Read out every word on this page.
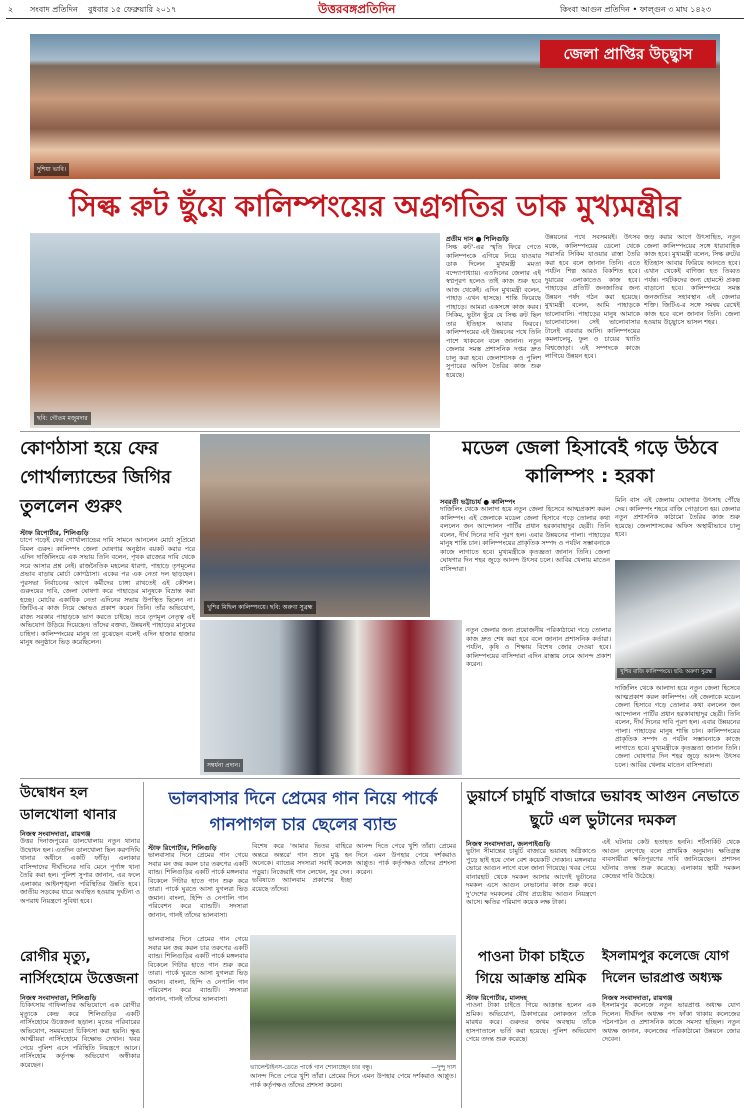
২ সংবাদ প্রতিদিন বুধবার ১৫ ফেব্রুয়ারি ২০১৭	উত্তরবঙ্গপ্রতিদিন	কিংবা আগুন প্রতিদিন • ফাল্গুন ৩ মাঘ ১৪২৩
জেলা প্রাপ্তির উচ্ছ্বাস
দুশিয়া ভাবি।
সিল্ক রুট ছুঁয়ে কালিম্পংয়ের অগ্রগতির ডাক মুখ্যমন্ত্রীর
ছবি: গৌতম মজুমদার
প্রতীম দাস ● শিলিগুড়ি
সিল্ক রুট'-এর স্মৃতি ফিরে পেতে কালিম্পংকে এগিয়ে নিয়ে যাওয়ার ডাক দিলেন মুখ্যমন্ত্রী মমতা বন্দ্যোপাধ্যায়। এতদিনের জেলার এই স্বপ্নপূরণ হলেও তাই কাজ শুরু হবে আজ থেকেই। এদিন মুখ্যমন্ত্রী বলেন, পাহাড় এখন হাসছে। শান্তি ফিরেছে পাহাড়ে। আমরা একসঙ্গে কাজ করব। সিকিম, ভুটান ছুঁয়ে যে সিল্ক রুট ছিল তার ইতিহাস আবার ফিরবে। কালিম্পংয়ের এই উন্নয়নের পথে তিনি পাশে থাকবেন বলে জানান। নতুন জেলার সমস্ত প্রশাসনিক দপ্তর দ্রুত চালু করা হবে। জেলাশাসক ও পুলিশ সুপারের অফিস তৈরির কাজ শুরু হয়েছে।
উন্নয়নের পথে সবসময়ই। উৎসব মঞ্চে, কালিম্পংয়ের ডেলো থেকে সরাসরি সিকিম যাওয়ার রাস্তা তৈরি করা হবে বলে জানান তিনি। এতে পর্যটন শিল্প আরও বিকশিত হবে। দুয়ারের এলাকাতেও কাজ হবে। পাহাড়ের প্রতিটি জনজাতির জন্য উন্নয়ন পর্ষদ গঠন করা হয়েছে। মুখ্যমন্ত্রী বলেন, আমি পাহাড়কে ভালোবাসি। পাহাড়ের মানুষ আমাকে ভালোবাসেন। সেই ভালোবাসার টানেই বারবার আসি। কালিম্পংয়ের কমলালেবু, ফুল ও চায়ের খ্যাতি বিশ্বজোড়া। এই সম্পদকে কাজে লাগিয়ে উন্নয়ন হবে।
জড় করার আগে উৎসাহিত, নতুন জেলা কালিম্পংয়ের সঙ্গে ধারাবাহিক কাজ হবে। মুখ্যমন্ত্রী বলেন, সিল্ক রুটের ইতিহাস আবার ফিরিয়ে আনতে হবে। এখান থেকেই বাণিজ্য হত তিব্বত পর্যন্ত। পর্যটকদের জন্য হোমস্টে প্রকল্প বাড়ানো হবে। কালিম্পংয়ে সমস্ত জনজাতির সহাবস্থান এই জেলার শক্তি। জিটিএ-র সঙ্গে সমন্বয় রেখেই কাজ হবে বলে জানান তিনি। জেলা হওয়ায় উচ্ছ্বাসে ভাসল শহর।
কোণঠাসা হয়ে ফের গোর্খাল্যান্ডের জিগির তুললেন গুরুং
স্টাফ রিপোর্টার, শিলিগুড়ি
চাপে পড়েই ফের গোর্খাল্যান্ডের দাবি সামনে আনলেন মোর্চা সুপ্রিমো বিমল গুরুং। কালিম্পং জেলা ঘোষণার অনুষ্ঠান বয়কট করার পরে এদিন দার্জিলিংয়ে এক সভায় তিনি বলেন, পৃথক রাজ্যের দাবি থেকে সরে আসার প্রশ্ন নেই। রাজনৈতিক মহলের ধারণা, পাহাড়ে তৃণমূলের প্রভাব বাড়ায় মোর্চা কোণঠাসা। একের পর এক নেতা দল ছাড়ছেন। পুরসভা নির্বাচনের আগে কর্মীদের চাঙ্গা রাখতেই এই কৌশল। গুরুংয়ের দাবি, জেলা ঘোষণা করে পাহাড়ের মানুষকে বিভ্রান্ত করা হচ্ছে। মোর্চার একাধিক নেতা এদিনের সভায় উপস্থিত ছিলেন না। জিটিএ-র কাজ নিয়ে ক্ষোভও প্রকাশ করেন তিনি। তাঁর অভিযোগ, রাজ্য সরকার পাহাড়কে ভাগ করতে চাইছে। তবে তৃণমূল নেতৃত্ব এই অভিযোগ উড়িয়ে দিয়েছেন। তাঁদের বক্তব্য, উন্নয়নই পাহাড়ের মানুষের চাহিদা। কালিম্পংয়ের মানুষ তা বুঝেছেন বলেই এদিন হাজার হাজার মানুষ অনুষ্ঠানে ভিড় করেছিলেন।
খুশির মিছিল কালিম্পংয়ে। ছবি: অরুণা সুব্রহ্ম
সম্বর্ধনা প্রদান।
মডেল জেলা হিসাবেই গড়ে উঠবে কালিম্পং : হরকা
সবরতী ভট্টাচার্য ● কালিম্পং
দার্জিলিং থেকে আলাদা হয়ে নতুন জেলা হিসেবে আত্মপ্রকাশ করল কালিম্পং। এই জেলাকে মডেল জেলা হিসাবে গড়ে তোলার কথা বললেন জন আন্দোলন পার্টির প্রধান হরকাবাহাদুর ছেত্রী। তিনি বলেন, দীর্ঘ দিনের দাবি পূরণ হল। এবার উন্নয়নের পালা। পাহাড়ের মানুষ শান্তি চান। কালিম্পংয়ের প্রাকৃতিক সম্পদ ও পর্যটন সম্ভাবনাকে কাজে লাগাতে হবে। মুখ্যমন্ত্রীকে কৃতজ্ঞতা জানান তিনি। জেলা ঘোষণার দিন শহর জুড়ে আনন্দ উৎসব চলে। আবির খেলায় মাতেন বাসিন্দারা।
মিনি বাস এই জেলায় ঘোষণার উৎসাহ পৌঁছে দেয়। কালিম্পং শহরে বাজি পোড়ানো হয়। জেলার নতুন প্রশাসনিক কাঠামো তৈরির কাজ শুরু হয়েছে। জেলাশাসকের অফিস অস্থায়ীভাবে চালু হবে।
খুশির বাজি কালিম্পংয়ে। ছবি: অরুণা সুব্রহ্ম
নতুন জেলার জন্য প্রয়োজনীয় পরিকাঠামো গড়ে তোলার কাজ দ্রুত শেষ করা হবে বলে জানান প্রশাসনিক কর্তারা। পর্যটন, কৃষি ও শিক্ষায় বিশেষ জোর দেওয়া হবে। কালিম্পংয়ের বাসিন্দারা এদিন রাস্তায় নেমে আনন্দ প্রকাশ করেন।
দার্জিলিং থেকে আলাদা হয়ে নতুন জেলা হিসেবে আত্মপ্রকাশ করল কালিম্পং। এই জেলাকে মডেল জেলা হিসাবে গড়ে তোলার কথা বললেন জন আন্দোলন পার্টির প্রধান হরকাবাহাদুর ছেত্রী। তিনি বলেন, দীর্ঘ দিনের দাবি পূরণ হল। এবার উন্নয়নের পালা। পাহাড়ের মানুষ শান্তি চান। কালিম্পংয়ের প্রাকৃতিক সম্পদ ও পর্যটন সম্ভাবনাকে কাজে লাগাতে হবে। মুখ্যমন্ত্রীকে কৃতজ্ঞতা জানান তিনি। জেলা ঘোষণার দিন শহর জুড়ে আনন্দ উৎসব চলে। আবির খেলায় মাতেন বাসিন্দারা।
উদ্বোধন হল ডালখোলা থানার
নিজস্ব সংবাদদাতা, রায়গঞ্জ
উত্তর দিনাজপুরের ডালখোলায় নতুন থানার উদ্বোধন হল। এতদিন ডালখোলা ছিল করণদিঘি থানার অধীনে একটি ফাঁড়ি। এলাকার বাসিন্দাদের দীর্ঘদিনের দাবি মেনে পূর্ণাঙ্গ থানা তৈরি করা হল। পুলিশ সুপার জানান, এর ফলে এলাকার আইনশৃঙ্খলা পরিস্থিতির উন্নতি হবে। জাতীয় সড়কের ধারে অবস্থিত হওয়ায় দুর্ঘটনা ও অপরাধ নিয়ন্ত্রণে সুবিধা হবে।
রোগীর মৃত্যু, নার্সিংহোমে উত্তেজনা
নিজস্ব সংবাদদাতা, শিলিগুড়ি
চিকিৎসায় গাফিলতির অভিযোগে এক রোগীর মৃত্যুকে কেন্দ্র করে শিলিগুড়ির একটি নার্সিংহোমে উত্তেজনা ছড়াল। মৃতের পরিবারের অভিযোগ, সময়মতো চিকিৎসা করা হয়নি। ক্ষুব্ধ আত্মীয়রা নার্সিংহোমে বিক্ষোভ দেখান। খবর পেয়ে পুলিশ এসে পরিস্থিতি নিয়ন্ত্রণে আনে। নার্সিংহোম কর্তৃপক্ষ অভিযোগ অস্বীকার করেছেন।
ভালবাসার দিনে প্রেমের গান নিয়ে পার্কে গানপাগল চার ছেলের ব্যান্ড
স্টাফ রিপোর্টার, শিলিগুড়ি
ভালবাসার দিনে প্রেমের গান গেয়ে সবার মন জয় করল চার তরুণের একটি ব্যান্ড। শিলিগুড়ির একটি পার্কে মঙ্গলবার বিকেলে গিটার হাতে গান শুরু করে তারা। পার্কে ঘুরতে আসা যুগলরা ভিড় জমান। বাংলা, হিন্দি ও নেপালি গান পরিবেশন করে ব্যান্ডটি। সদস্যরা জানান, গানই তাঁদের ভালবাসা।
বিশেষ করে 'আমার ভিতর বাহিরে অন্তরে অন্তরে' গান শুনে মুগ্ধ হন অনেকে। ব্যান্ডের সদস্যরা সবাই কলেজ পড়ুয়া। নিজেরাই গান লেখেন, সুর দেন। ভবিষ্যতে অ্যালবাম প্রকাশের ইচ্ছা রয়েছে তাঁদের।
আনন্দ দিতে পেরে খুশি তাঁরা। প্রেমের দিনে এমন উপহার পেয়ে দর্শকরাও আপ্লুত। পার্ক কর্তৃপক্ষও তাঁদের প্রশংসা করেন।
ভ্যালেন্টাইনস-ডেতে পার্কে গান শোনাচ্ছেন চার বন্ধু।	—দুন্দু দাস
ভালবাসার দিনে প্রেমের গান গেয়ে সবার মন জয় করল চার তরুণের একটি ব্যান্ড। শিলিগুড়ির একটি পার্কে মঙ্গলবার বিকেলে গিটার হাতে গান শুরু করে তারা। পার্কে ঘুরতে আসা যুগলরা ভিড় জমান। বাংলা, হিন্দি ও নেপালি গান পরিবেশন করে ব্যান্ডটি। সদস্যরা জানান, গানই তাঁদের ভালবাসা।
আনন্দ দিতে পেরে খুশি তাঁরা। প্রেমের দিনে এমন উপহার পেয়ে দর্শকরাও আপ্লুত। পার্ক কর্তৃপক্ষও তাঁদের প্রশংসা করেন।
ডুয়ার্সে চামুর্চি বাজারে ভয়াবহ আগুন নেভাতে ছুটে এল ভুটানের দমকল
নিজস্ব সংবাদদাতা, জলপাইগুড়ি
ভুটান সীমান্তের চামুর্চি বাজারে ভয়াবহ অগ্নিকাণ্ডে পুড়ে ছাই হয়ে গেল বেশ কয়েকটি দোকান। মঙ্গলবার ভোরে আগুন লাগে বলে জানা গিয়েছে। খবর পেয়ে বানারহাট থেকে দমকল আসার আগেই ভুটানের দমকল এসে আগুন নেভানোর কাজ শুরু করে। দু'দেশের দমকলের যৌথ প্রচেষ্টায় আগুন নিয়ন্ত্রণে আসে। ক্ষতির পরিমাণ কয়েক লক্ষ টাকা।
এই ঘটনায় কেউ হতাহত হননি। শর্টসার্কিট থেকে আগুন লেগেছে বলে প্রাথমিক অনুমান। ক্ষতিগ্রস্ত ব্যবসায়ীরা ক্ষতিপূরণের দাবি জানিয়েছেন। প্রশাসন ঘটনার তদন্ত শুরু করেছে। এলাকায় স্থায়ী দমকল কেন্দ্রের দাবি উঠেছে।
পাওনা টাকা চাইতে গিয়ে আক্রান্ত শ্রমিক
স্টাফ রিপোর্টার, মালদহ
পাওনা টাকা চাইতে গিয়ে আক্রান্ত হলেন এক শ্রমিক। অভিযোগ, ঠিকাদারের লোকজন তাঁকে মারধর করে। গুরুতর জখম অবস্থায় তাঁকে হাসপাতালে ভর্তি করা হয়েছে। পুলিশ অভিযোগ পেয়ে তদন্ত শুরু করেছে।
ইসলামপুর কলেজে যোগ দিলেন ভারপ্রাপ্ত অধ্যক্ষ
নিজস্ব সংবাদদাতা, রায়গঞ্জ
ইসলামপুর কলেজে নতুন ভারপ্রাপ্ত অধ্যক্ষ যোগ দিলেন। দীর্ঘদিন অধ্যক্ষ পদ ফাঁকা থাকায় কলেজের পঠনপাঠন ও প্রশাসনিক কাজে সমস্যা হচ্ছিল। নতুন অধ্যক্ষ জানান, কলেজের পরিকাঠামো উন্নয়নে জোর দেবেন।
